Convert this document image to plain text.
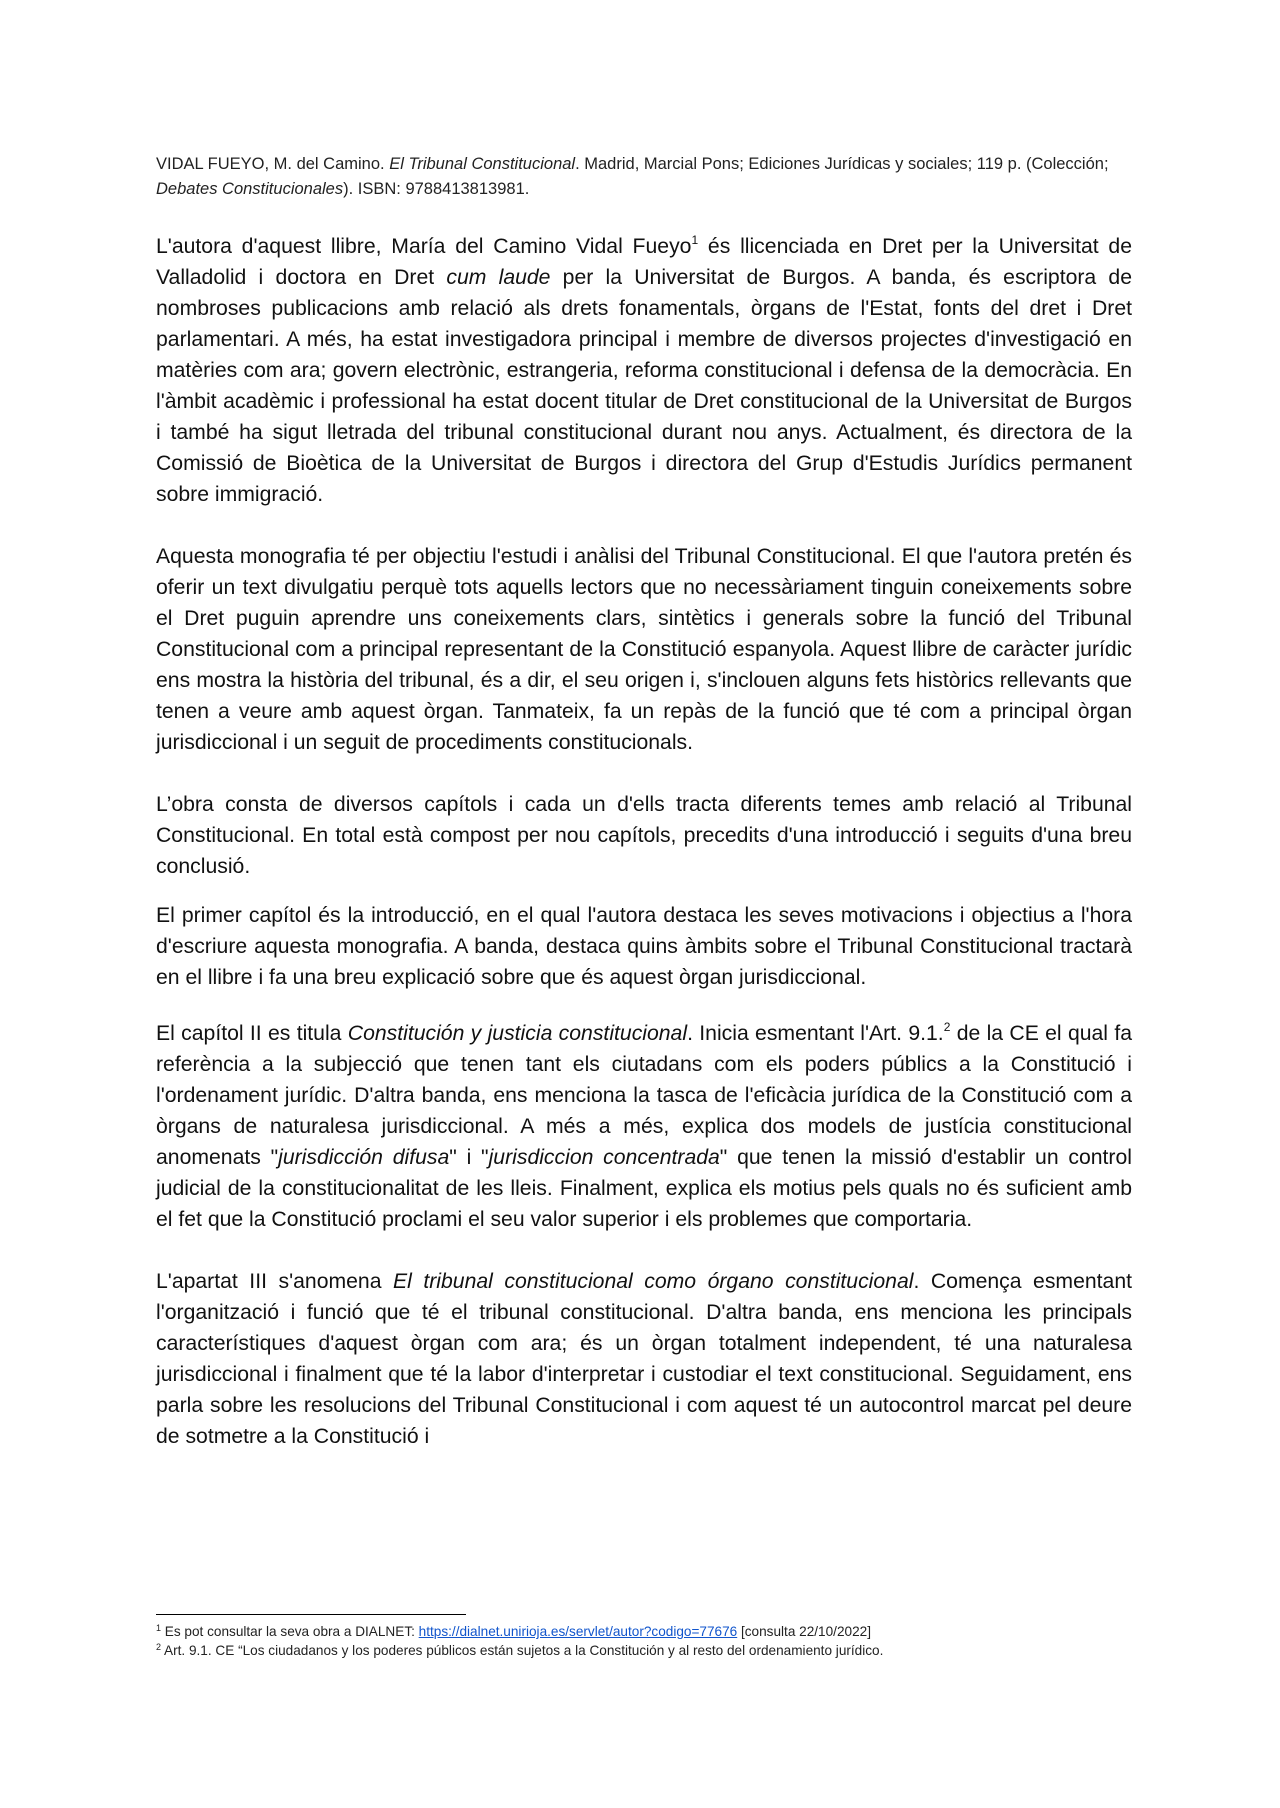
VIDAL FUEYO, M. del Camino. El Tribunal Constitucional. Madrid, Marcial Pons; Ediciones Jurídicas y sociales; 119 p. (Colección; Debates Constitucionales). ISBN: 9788413813981.

L'autora d'aquest llibre, María del Camino Vidal Fueyo$^1$ és llicenciada en Dret per la Universitat de Valladolid i doctora en Dret cum laude per la Universitat de Burgos. A banda, és escriptora de nombroses publicacions amb relació als drets fonamentals, òrgans de l'Estat, fonts del dret i Dret parlamentari. A més, ha estat investigadora principal i membre de diversos projectes d'investigació en matèries com ara; govern electrònic, estrangeria, reforma constitucional i defensa de la democràcia. En l'àmbit acadèmic i professional ha estat docent titular de Dret constitucional de la Universitat de Burgos i també ha sigut lletrada del tribunal constitucional durant nou anys. Actualment, és directora de la Comissió de Bioètica de la Universitat de Burgos i directora del Grup d'Estudis Jurídics permanent sobre immigració.

Aquesta monografia té per objectiu l'estudi i anàlisi del Tribunal Constitucional. El que l'autora pretén és oferir un text divulgatiu perquè tots aquells lectors que no necessàriament tinguin coneixements sobre el Dret puguin aprendre uns coneixements clars, sintètics i generals sobre la funció del Tribunal Constitucional com a principal representant de la Constitució espanyola. Aquest llibre de caràcter jurídic ens mostra la història del tribunal, és a dir, el seu origen i, s'inclouen alguns fets històrics rellevants que tenen a veure amb aquest òrgan. Tanmateix, fa un repàs de la funció que té com a principal òrgan jurisdiccional i un seguit de procediments constitucionals.

L’obra consta de diversos capítols i cada un d'ells tracta diferents temes amb relació al Tribunal Constitucional. En total està compost per nou capítols, precedits d'una introducció i seguits d'una breu conclusió.

El primer capítol és la introducció, en el qual l'autora destaca les seves motivacions i objectius a l'hora d'escriure aquesta monografia. A banda, destaca quins àmbits sobre el Tribunal Constitucional tractarà en el llibre i fa una breu explicació sobre que és aquest òrgan jurisdiccional.

El capítol II es titula Constitución y justicia constitucional. Inicia esmentant l'Art. 9.1.$^2$ de la CE el qual fa referència a la subjecció que tenen tant els ciutadans com els poders públics a la Constitució i l'ordenament jurídic. D'altra banda, ens menciona la tasca de l'eficàcia jurídica de la Constitució com a òrgans de naturalesa jurisdiccional. A més a més, explica dos models de justícia constitucional anomenats "jurisdicción difusa" i "jurisdiccion concentrada" que tenen la missió d'establir un control judicial de la constitucionalitat de les lleis. Finalment, explica els motius pels quals no és suficient amb el fet que la Constitució proclami el seu valor superior i els problemes que comportaria.

L'apartat III s'anomena El tribunal constitucional como órgano constitucional. Comença esmentant l'organització i funció que té el tribunal constitucional. D'altra banda, ens menciona les principals característiques d'aquest òrgan com ara; és un òrgan totalment independent, té una naturalesa jurisdiccional i finalment que té la labor d'interpretar i custodiar el text constitucional. Seguidament, ens parla sobre les resolucions del Tribunal Constitucional i com aquest té un autocontrol marcat pel deure de sotmetre a la Constitució i

$^1$ Es pot consultar la seva obra a DIALNET: https://dialnet.unirioja.es/servlet/autor?codigo=77676 [consulta 22/10/2022]
$^2$ Art. 9.1. CE “Los ciudadanos y los poderes públicos están sujetos a la Constitución y al resto del ordenamiento jurídico.
